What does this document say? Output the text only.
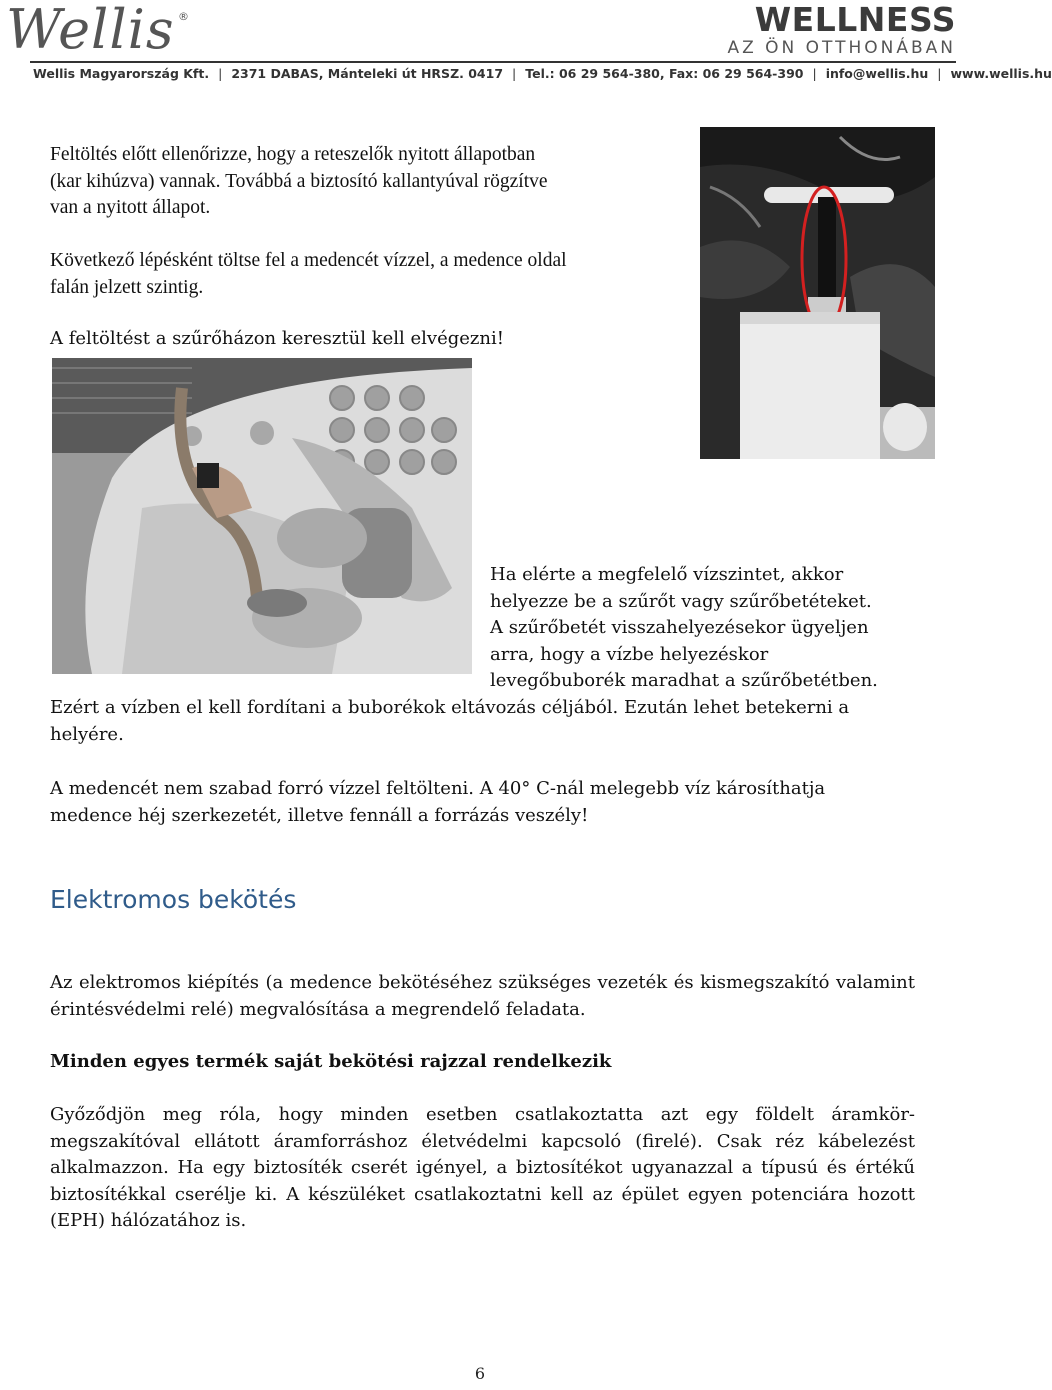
Wellis ®	WELLNESS
AZ ÖN OTTHONÁBAN
Wellis Magyarország Kft. | 2371 DABAS, Mánteleki út HRSZ. 0417 | Tel.: 06 29 564-380, Fax: 06 29 564-390 | info@wellis.hu | www.wellis.hu
Feltöltés előtt ellenőrizze, hogy a reteszelők nyitott állapotban
(kar kihúzva) vannak. Továbbá a biztosító kallantyúval rögzítve
van a nyitott állapot.
Következő lépésként töltse fel a medencét vízzel, a medence oldal
falán jelzett szintig.
A feltöltést a szűrőházon keresztül kell elvégezni!
Ha elérte a megfelelő vízszintet, akkor
helyezze be a szűrőt vagy szűrőbetéteket.
A szűrőbetét visszahelyezésekor ügyeljen
arra, hogy a vízbe helyezéskor
levegőbuborék maradhat a szűrőbetétben.
Ezért a vízben el kell fordítani a buborékok eltávozás céljából. Ezután lehet betekerni a
helyére.
A medencét nem szabad forró vízzel feltölteni. A 40° C-nál melegebb víz károsíthatja
medence héj szerkezetét, illetve fennáll a forrázás veszély!
Elektromos bekötés
Az elektromos kiépítés (a medence bekötéséhez szükséges vezeték és kismegszakító valamint érintésvédelmi relé) megvalósítása a megrendelő feladata.
Minden egyes termék saját bekötési rajzzal rendelkezik
Győződjön meg róla, hogy minden esetben csatlakoztatta azt egy földelt áramkör-megszakítóval ellátott áramforráshoz életvédelmi kapcsoló (firelé). Csak réz kábelezést alkalmazzon. Ha egy biztosíték cserét igényel, a biztosítékot ugyanazzal a típusú és értékű biztosítékkal cserélje ki. A készüléket csatlakoztatni kell az épület egyen potenciára hozott (EPH) hálózatához is.
6
